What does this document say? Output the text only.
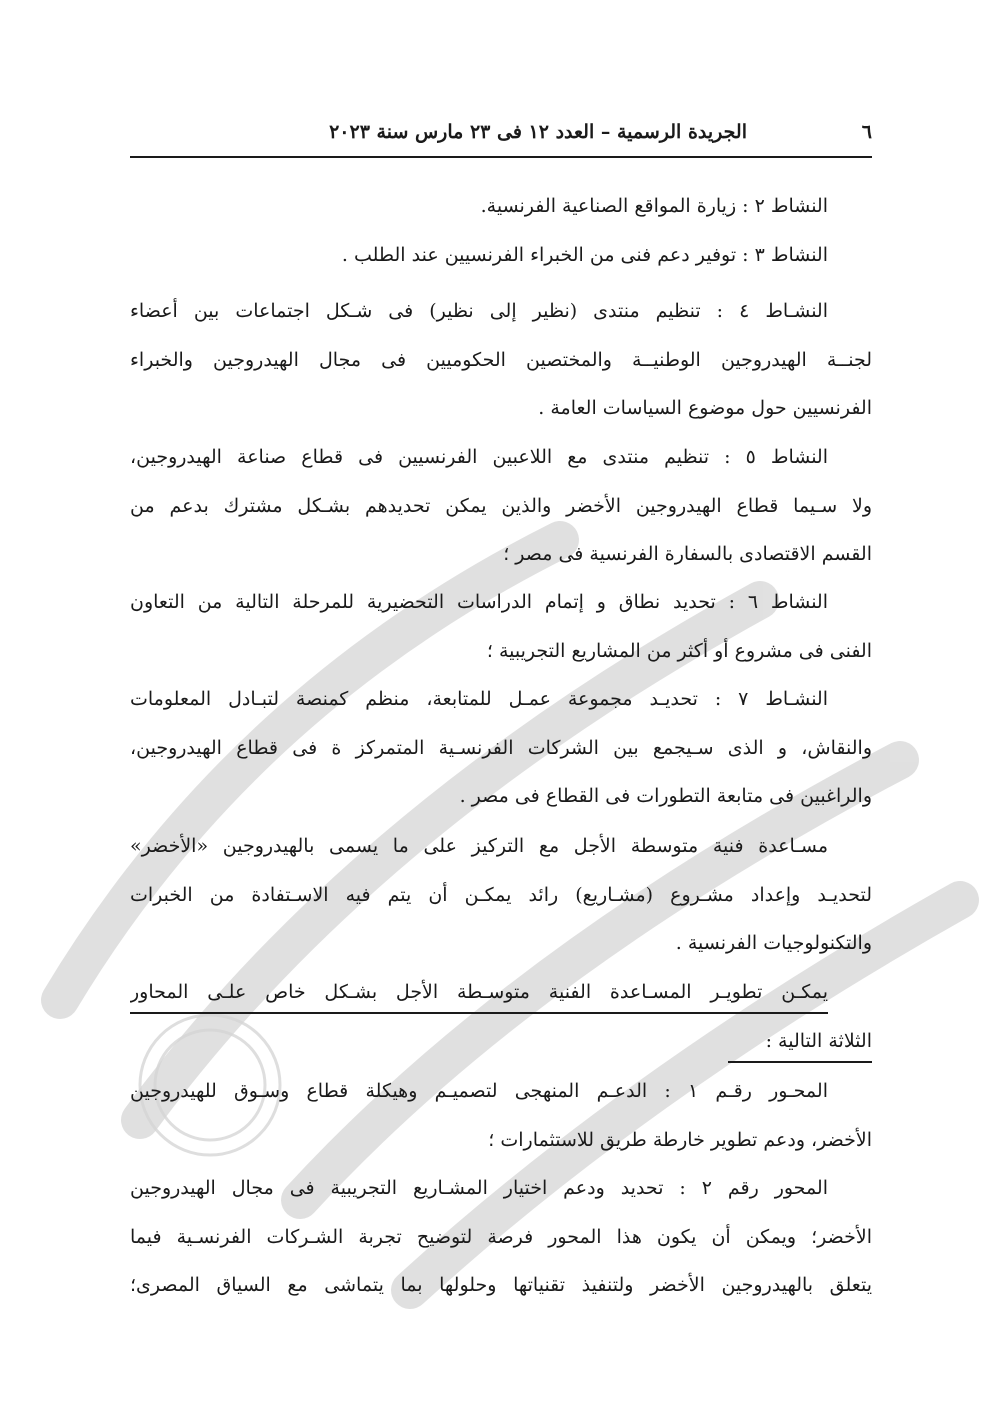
٦
الجريدة الرسمية – العدد ١٢ فى ٢٣ مارس سنة ٢٠٢٣
النشاط ٢ : زيارة المواقع الصناعية الفرنسية.
النشاط ٣ : توفير دعم فنى من الخبراء الفرنسيين عند الطلب .
النشـاط ٤ : تنظيم منتدى (نظير إلى نظير) فى شـكل اجتماعات بين أعضاء
لجنــة الهيدروجين الوطنيــة والمختصين الحكوميين فى مجال الهيدروجين والخبراء
الفرنسيين حول موضوع السياسات العامة .
النشاط ٥ : تنظيم منتدى مع اللاعبين الفرنسيين فى قطاع صناعة الهيدروجين،
ولا سـيما قطاع الهيدروجين الأخضر والذين يمكن تحديدهم بشـكل مشترك بدعم من
القسم الاقتصادى بالسفارة الفرنسية فى مصر ؛
النشاط ٦ : تحديد نطاق و إتمام الدراسات التحضيرية للمرحلة التالية من التعاون
الفنى فى مشروع أو أكثر من المشاريع التجريبية ؛
النشـاط ٧ : تحديـد مجموعة عمـل للمتابعة، منظم كمنصة لتبـادل المعلومات
والنقاش، و الذى سـيجمع بين الشركات الفرنسـية المتمركز ة فى قطاع الهيدروجين،
والراغبين فى متابعة التطورات فى القطاع فى مصر .
مسـاعدة فنية متوسطة الأجل مع التركيز على ما يسمى بالهيدروجين «الأخضر»
لتحديـد وإعداد مشـروع (مشـاريع) رائد يمكـن أن يتم فيه الاسـتفادة من الخبرات
والتكنولوجيات الفرنسية .
يمكـن تطويـر المسـاعدة الفنية متوسـطة الأجل بشـكل خاص علـى المحاور
الثلاثة التالية :
المحـور رقـم ١ : الدعـم المنهجى لتصميـم وهيكلة قطاع وسـوق للهيدروجين
الأخضر، ودعم تطوير خارطة طريق للاستثمارات ؛
المحور رقم ٢ : تحديد ودعم اختيار المشـاريع التجريبية فى مجال الهيدروجين
الأخضر؛ ويمكن أن يكون هذا المحور فرصة لتوضيح تجربة الشـركات الفرنسـية فيما
يتعلق بالهيدروجين الأخضر ولتنفيذ تقنياتها وحلولها بما يتماشى مع السياق المصرى؛
